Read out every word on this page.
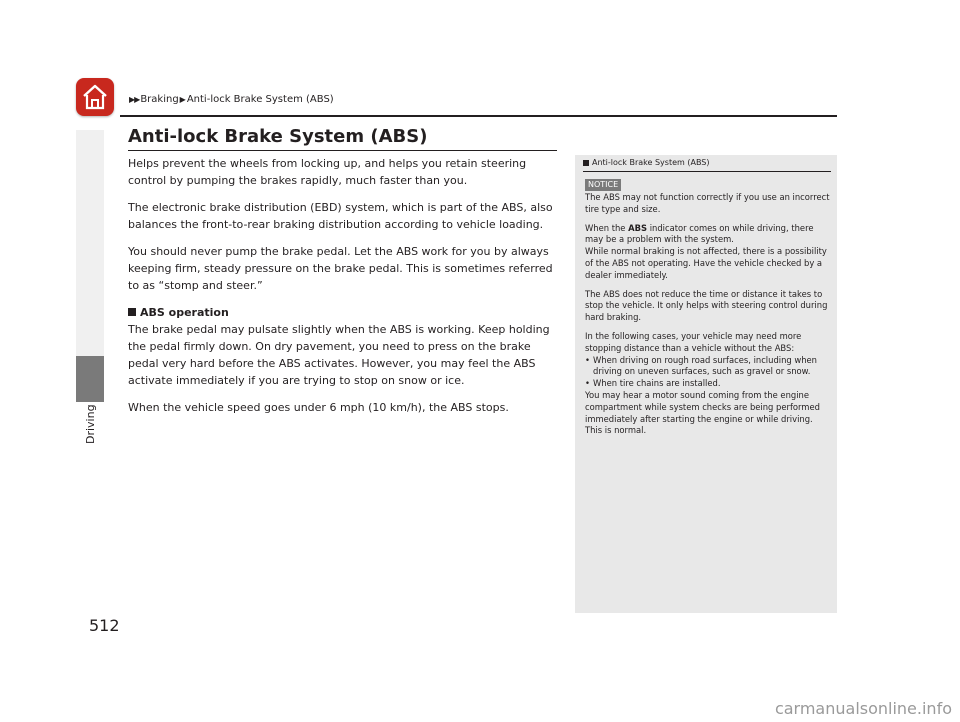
▶▶ Braking ▶ Anti-lock Brake System (ABS)
Driving
512
Anti-lock Brake System (ABS)

Helps prevent the wheels from locking up, and helps you retain steering control by pumping the brakes rapidly, much faster than you.

The electronic brake distribution (EBD) system, which is part of the ABS, also balances the front-to-rear braking distribution according to vehicle loading.

You should never pump the brake pedal. Let the ABS work for you by always keeping firm, steady pressure on the brake pedal. This is sometimes referred to as “stomp and steer.”

ABS operation

The brake pedal may pulsate slightly when the ABS is working. Keep holding the pedal firmly down. On dry pavement, you need to press on the brake pedal very hard before the ABS activates. However, you may feel the ABS activate immediately if you are trying to stop on snow or ice.

When the vehicle speed goes under 6 mph (10 km/h), the ABS stops.

Anti-lock Brake System (ABS)
NOTICE

The ABS may not function correctly if you use an incorrect tire type and size.

When the ABS indicator comes on while driving, there may be a problem with the system.

While normal braking is not affected, there is a possibility of the ABS not operating. Have the vehicle checked by a dealer immediately.

The ABS does not reduce the time or distance it takes to stop the vehicle. It only helps with steering control during hard braking.

In the following cases, your vehicle may need more stopping distance than a vehicle without the ABS:

• When driving on rough road surfaces, including when driving on uneven surfaces, such as gravel or snow.

• When tire chains are installed.

You may hear a motor sound coming from the engine compartment while system checks are being performed immediately after starting the engine or while driving. This is normal.

carmanualsonline.info
